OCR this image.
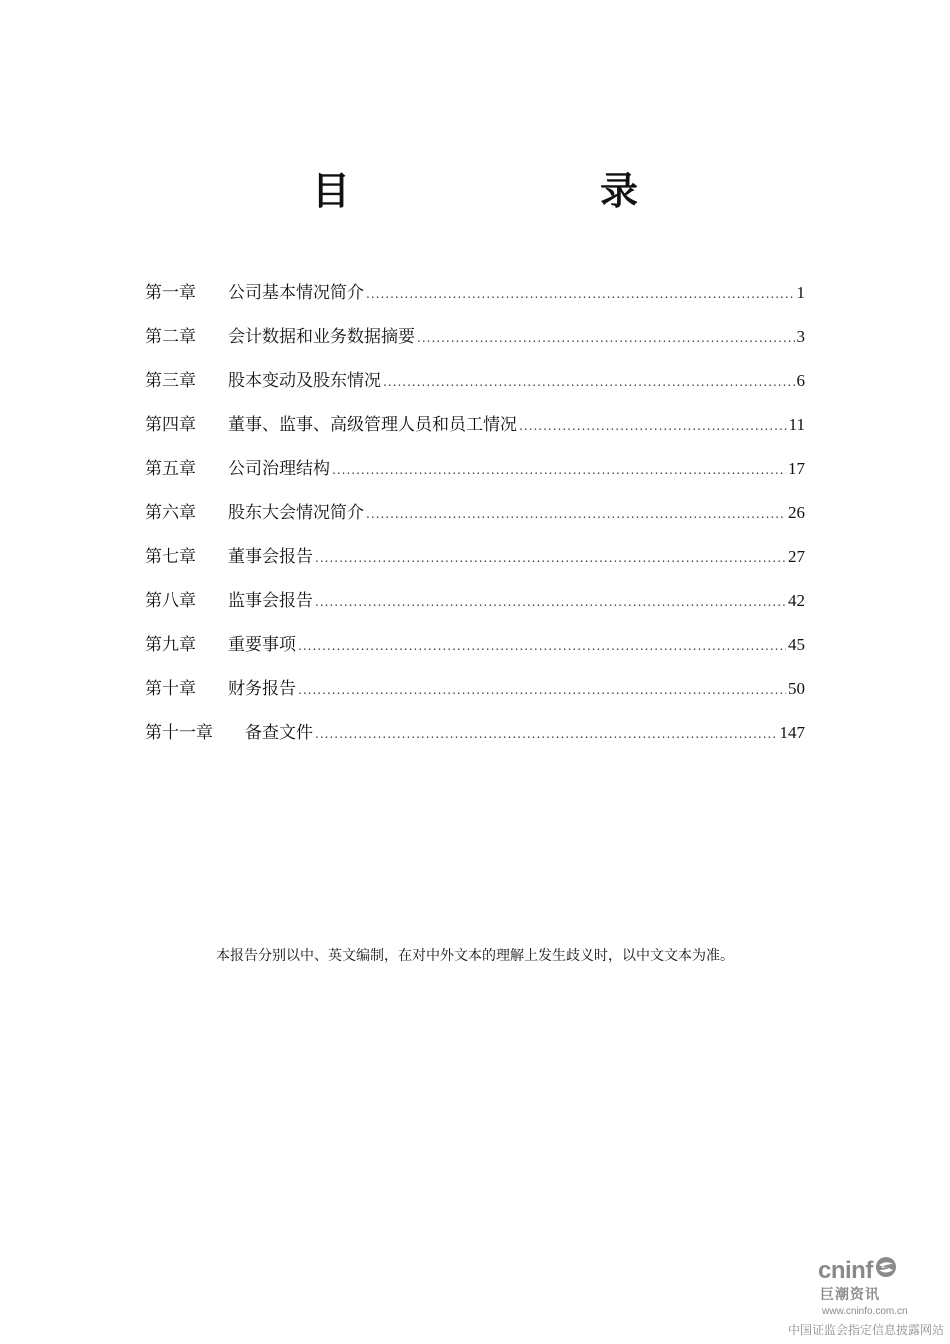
目　　录
第一章	公司基本情况简介 .....	1
第二章	会计数据和业务数据摘要 .....	3
第三章	股本变动及股东情况 .....	6
第四章	董事、监事、高级管理人员和员工情况 .....	11
第五章	公司治理结构 .....	17
第六章	股东大会情况简介 .....	26
第七章	董事会报告 .....	27
第八章	监事会报告 .....	42
第九章	重要事项 .....	45
第十章	财务报告 .....	50
第十一章	备查文件 .....	147
本报告分别以中、英文编制，在对中外文本的理解上发生歧义时，以中文文本为准。
cninf
巨潮资讯
www.cninfo.com.cn
中国证监会指定信息披露网站
